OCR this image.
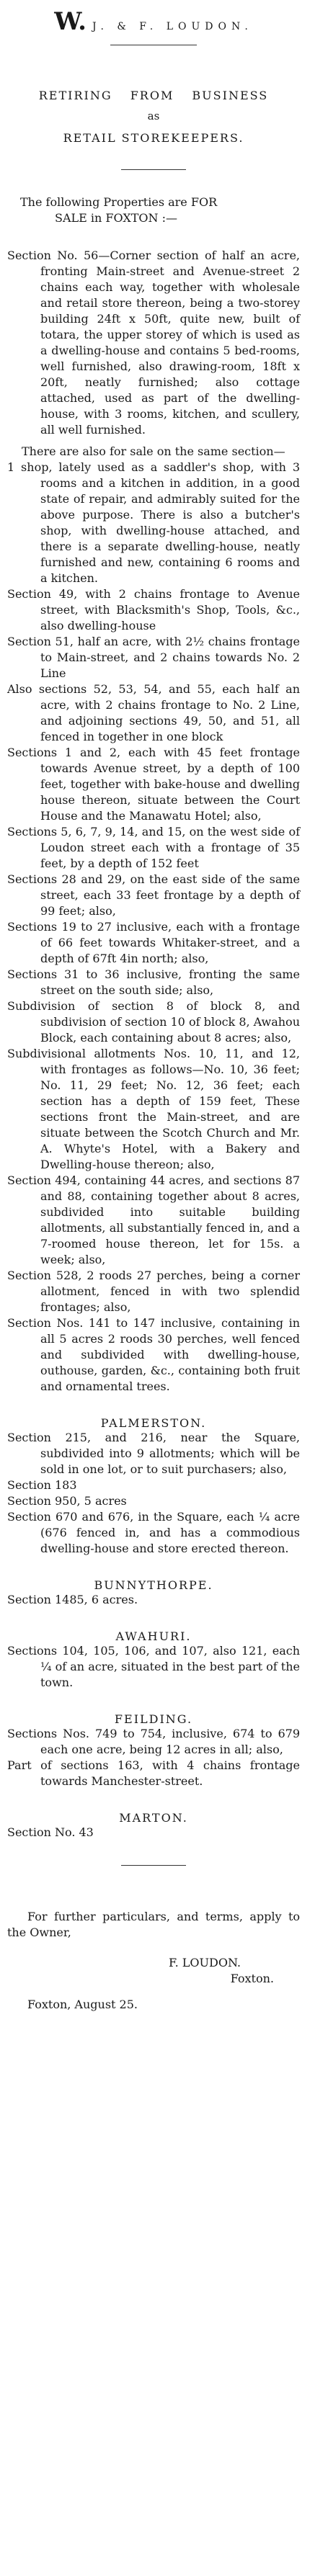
W. J. & F. LOUDON.
RETIRING FROM BUSINESS
as
RETAIL STOREKEEPERS.
The following Properties are FOR
SALE in FOXTON :—
Section No. 56—Corner section of half an acre, fronting Main-street and Avenue-street 2 chains each way, together with wholesale and retail store thereon, being a two-storey building 24ft x 50ft, quite new, built of totara, the upper storey of which is used as a dwelling-house and contains 5 bed-rooms, well furnished, also drawing-room, 18ft x 20ft, neatly furnished; also cottage attached, used as part of the dwelling-house, with 3 rooms, kitchen, and scullery, all well furnished.
There are also for sale on the same section—
1 shop, lately used as a saddler's shop, with 3 rooms and a kitchen in addition, in a good state of repair, and admirably suited for the above purpose. There is also a butcher's shop, with dwelling-house attached, and there is a separate dwelling-house, neatly furnished and new, containing 6 rooms and a kitchen.
Section 49, with 2 chains frontage to Avenue street, with Blacksmith's Shop, Tools, &c., also dwelling-house
Section 51, half an acre, with 2½ chains frontage to Main-street, and 2 chains towards No. 2 Line
Also sections 52, 53, 54, and 55, each half an acre, with 2 chains frontage to No. 2 Line, and adjoining sections 49, 50, and 51, all fenced in together in one block
Sections 1 and 2, each with 45 feet frontage towards Avenue street, by a depth of 100 feet, together with bake-house and dwelling house thereon, situate between the Court House and the Manawatu Hotel; also,
Sections 5, 6, 7, 9, 14, and 15, on the west side of Loudon street each with a frontage of 35 feet, by a depth of 152 feet
Sections 28 and 29, on the east side of the same street, each 33 feet frontage by a depth of 99 feet; also,
Sections 19 to 27 inclusive, each with a frontage of 66 feet towards Whitaker-street, and a depth of 67ft 4in north; also,
Sections 31 to 36 inclusive, fronting the same street on the south side; also,
Subdivision of section 8 of block 8, and subdivision of section 10 of block 8, Awahou Block, each containing about 8 acres; also,
Subdivisional allotments Nos. 10, 11, and 12, with frontages as follows—No. 10, 36 feet; No. 11, 29 feet; No. 12, 36 feet; each section has a depth of 159 feet, These sections front the Main-street, and are situate between the Scotch Church and Mr. A. Whyte's Hotel, with a Bakery and Dwelling-house thereon; also,
Section 494, containing 44 acres, and sections 87 and 88, containing together about 8 acres, subdivided into suitable building allotments, all substantially fenced in, and a 7-roomed house thereon, let for 15s. a week; also,
Section 528, 2 roods 27 perches, being a corner allotment, fenced in with two splendid frontages; also,
Section Nos. 141 to 147 inclusive, containing in all 5 acres 2 roods 30 perches, well fenced and subdivided with dwelling-house, outhouse, garden, &c., containing both fruit and ornamental trees.
PALMERSTON.
Section 215, and 216, near the Square, subdivided into 9 allotments; which will be sold in one lot, or to suit purchasers; also,
Section 183
Section 950, 5 acres
Section 670 and 676, in the Square, each ¼ acre (676 fenced in, and has a commodious dwelling-house and store erected thereon.
BUNNYTHORPE.
Section 1485, 6 acres.
AWAHURI.
Sections 104, 105, 106, and 107, also 121, each ¼ of an acre, situated in the best part of the town.
FEILDING.
Sections Nos. 749 to 754, inclusive, 674 to 679 each one acre, being 12 acres in all; also,
Part of sections 163, with 4 chains frontage towards Manchester-street.
MARTON.
Section No. 43
For further particulars, and terms, apply to the Owner,
F. LOUDON.
Foxton.
Foxton, August 25.
